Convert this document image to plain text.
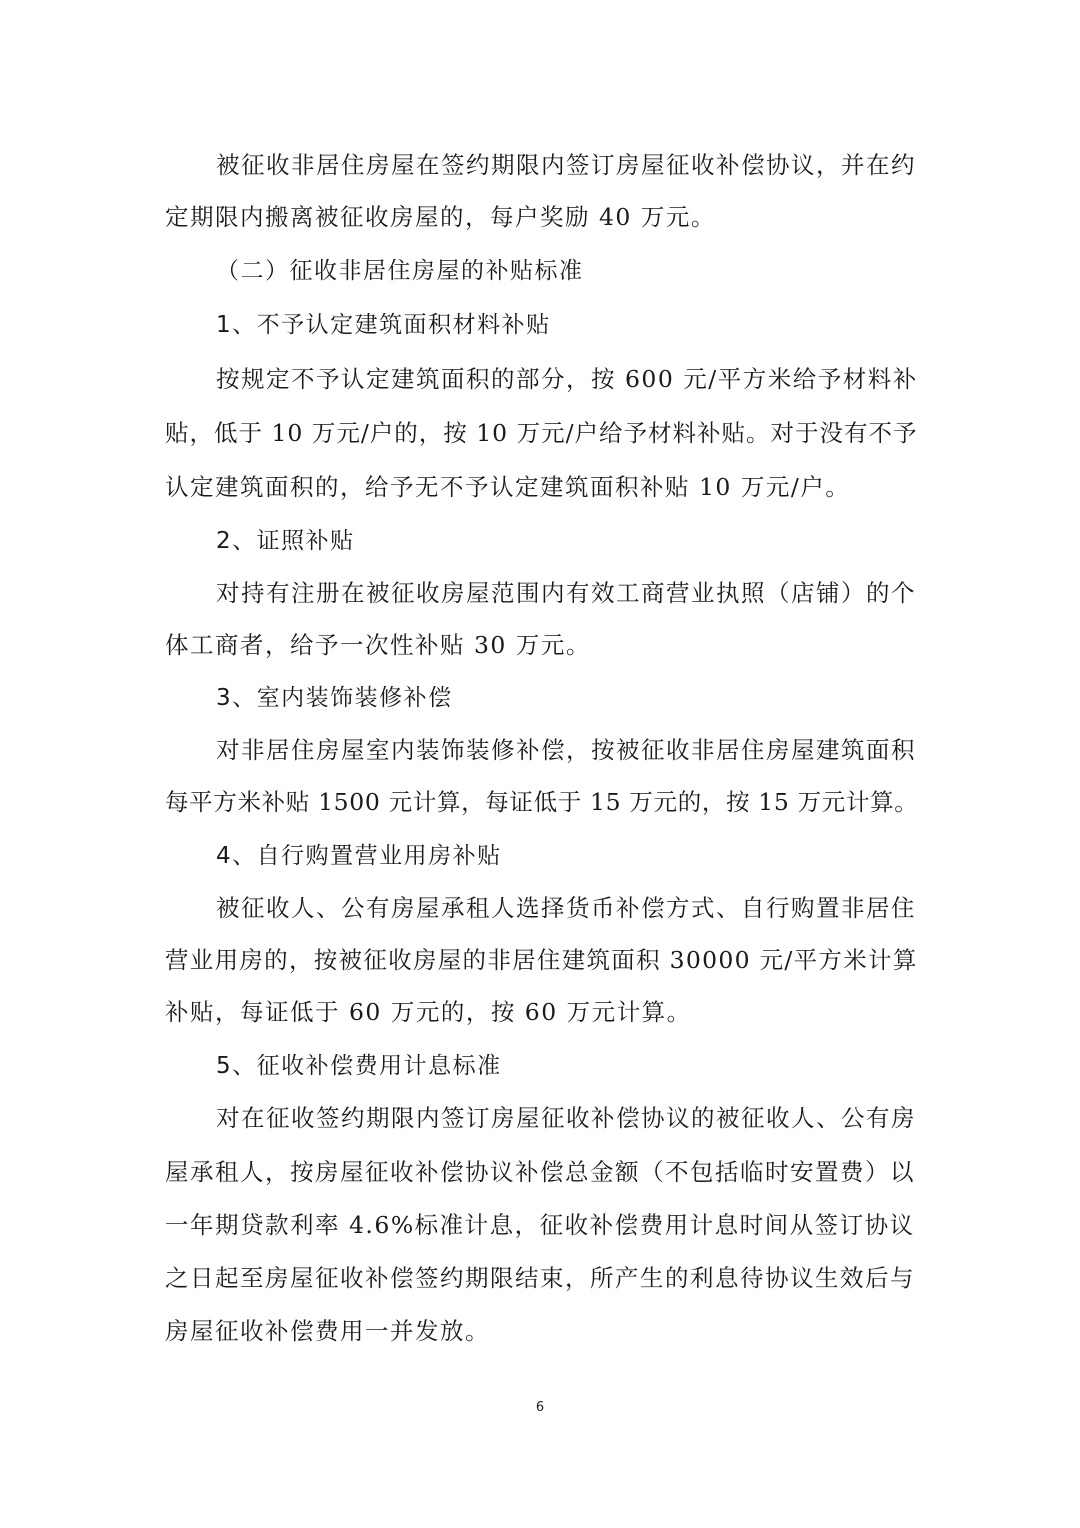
被征收非居住房屋在签约期限内签订房屋征收补偿协议，并在约
定期限内搬离被征收房屋的，每户奖励 40 万元。
（二）征收非居住房屋的补贴标准
1、不予认定建筑面积材料补贴
按规定不予认定建筑面积的部分，按 600 元/平方米给予材料补
贴，低于 10 万元/户的，按 10 万元/户给予材料补贴。对于没有不予
认定建筑面积的，给予无不予认定建筑面积补贴 10 万元/户。
2、证照补贴
对持有注册在被征收房屋范围内有效工商营业执照（店铺）的个
体工商者，给予一次性补贴 30 万元。
3、室内装饰装修补偿
对非居住房屋室内装饰装修补偿，按被征收非居住房屋建筑面积
每平方米补贴 1500 元计算，每证低于 15 万元的，按 15 万元计算。
4、自行购置营业用房补贴
被征收人、公有房屋承租人选择货币补偿方式、自行购置非居住
营业用房的，按被征收房屋的非居住建筑面积 30000 元/平方米计算
补贴，每证低于 60 万元的，按 60 万元计算。
5、征收补偿费用计息标准
对在征收签约期限内签订房屋征收补偿协议的被征收人、公有房
屋承租人，按房屋征收补偿协议补偿总金额（不包括临时安置费）以
一年期贷款利率 4.6%标准计息，征收补偿费用计息时间从签订协议
之日起至房屋征收补偿签约期限结束，所产生的利息待协议生效后与
房屋征收补偿费用一并发放。
6
